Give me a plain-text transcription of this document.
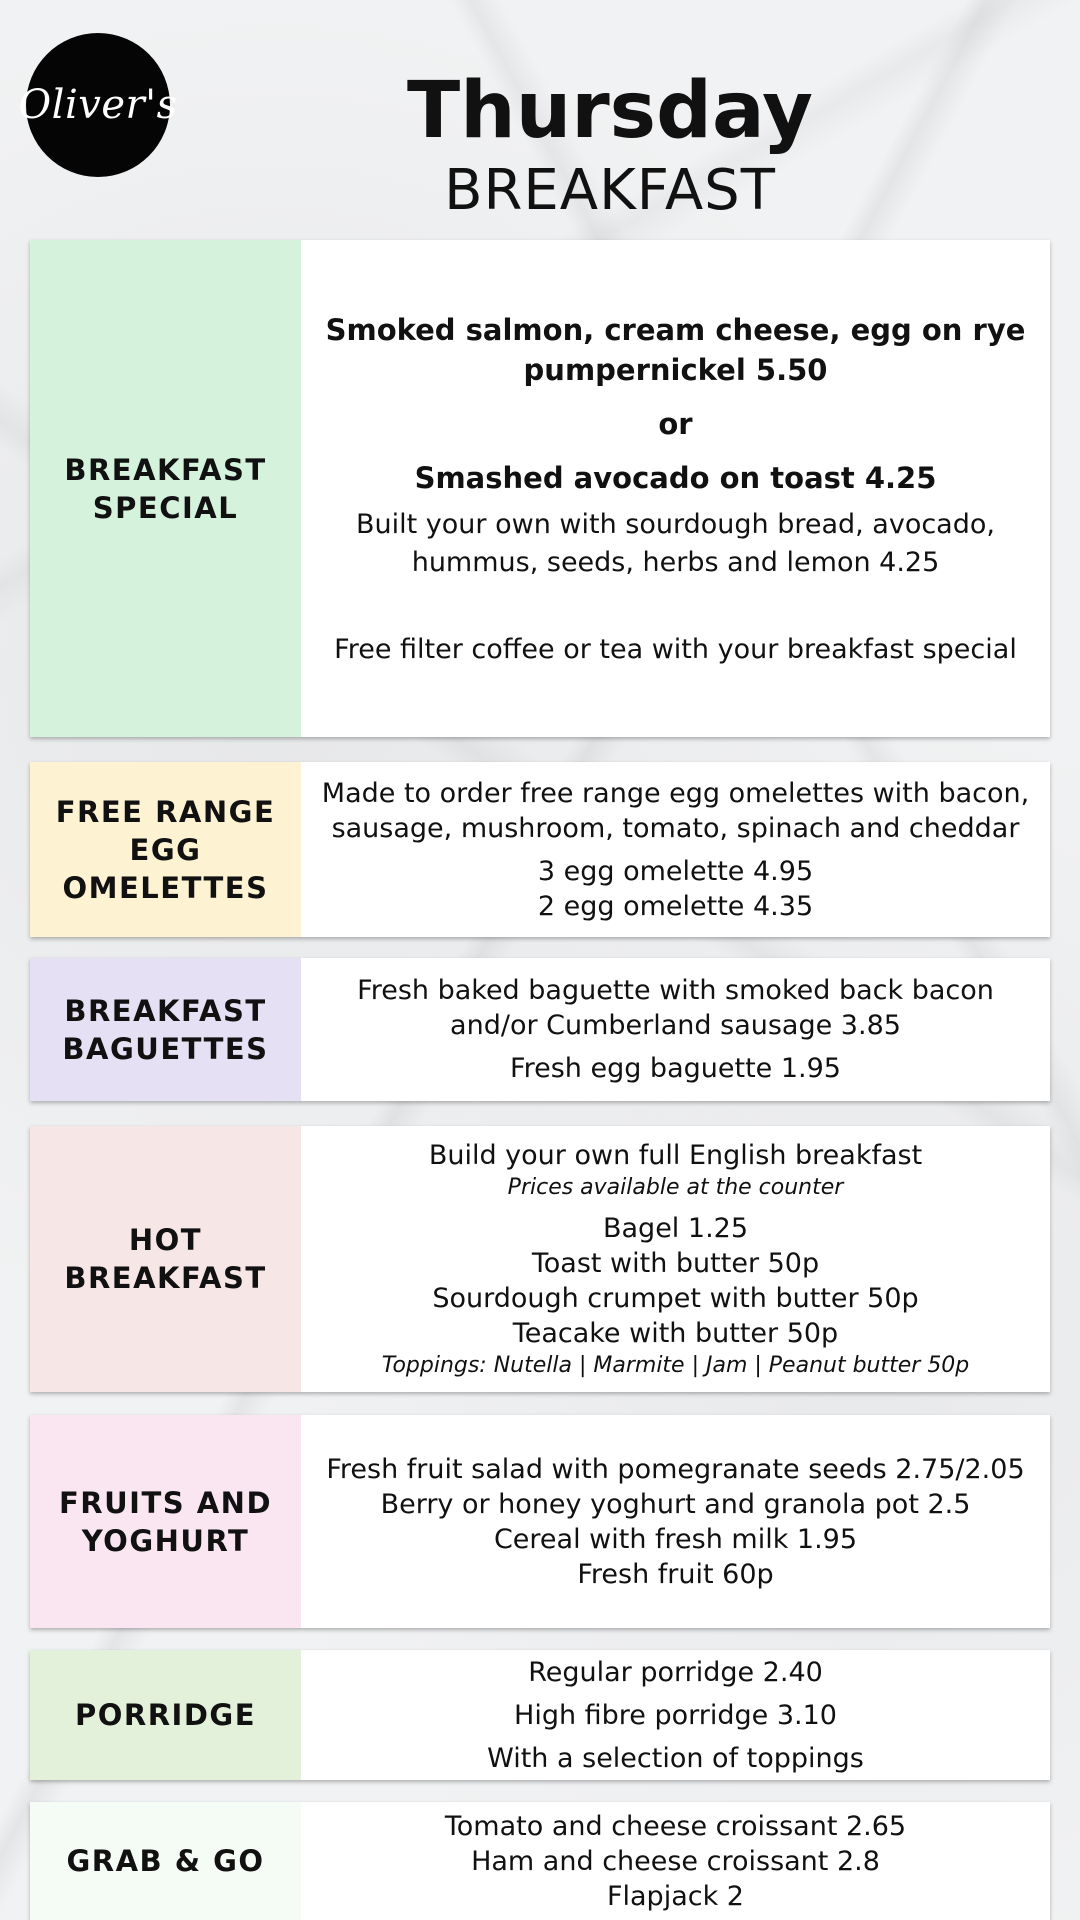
Oliver's	Thursday
BREAKFAST
BREAKFAST
SPECIAL
Smoked salmon, cream cheese, egg on rye pumpernickel 5.50
or
Smashed avocado on toast 4.25
Built your own with sourdough bread, avocado, hummus, seeds, herbs and lemon 4.25
Free filter coffee or tea with your breakfast special
FREE RANGE
EGG
OMELETTES
Made to order free range egg omelettes with bacon, sausage, mushroom, tomato, spinach and cheddar
3 egg omelette 4.95
2 egg omelette 4.35
BREAKFAST
BAGUETTES
Fresh baked baguette with smoked back bacon and/or Cumberland sausage 3.85
Fresh egg baguette 1.95
HOT
BREAKFAST
Build your own full English breakfast
Prices available at the counter
Bagel 1.25
Toast with butter 50p
Sourdough crumpet with butter 50p
Teacake with butter 50p
Toppings: Nutella | Marmite | Jam | Peanut butter 50p
FRUITS AND
YOGHURT
Fresh fruit salad with pomegranate seeds 2.75/2.05
Berry or honey yoghurt and granola pot 2.5
Cereal with fresh milk 1.95
Fresh fruit 60p
PORRIDGE
Regular porridge 2.40
High fibre porridge 3.10
With a selection of toppings
GRAB & GO
Tomato and cheese croissant 2.65
Ham and cheese croissant 2.8
Flapjack 2
